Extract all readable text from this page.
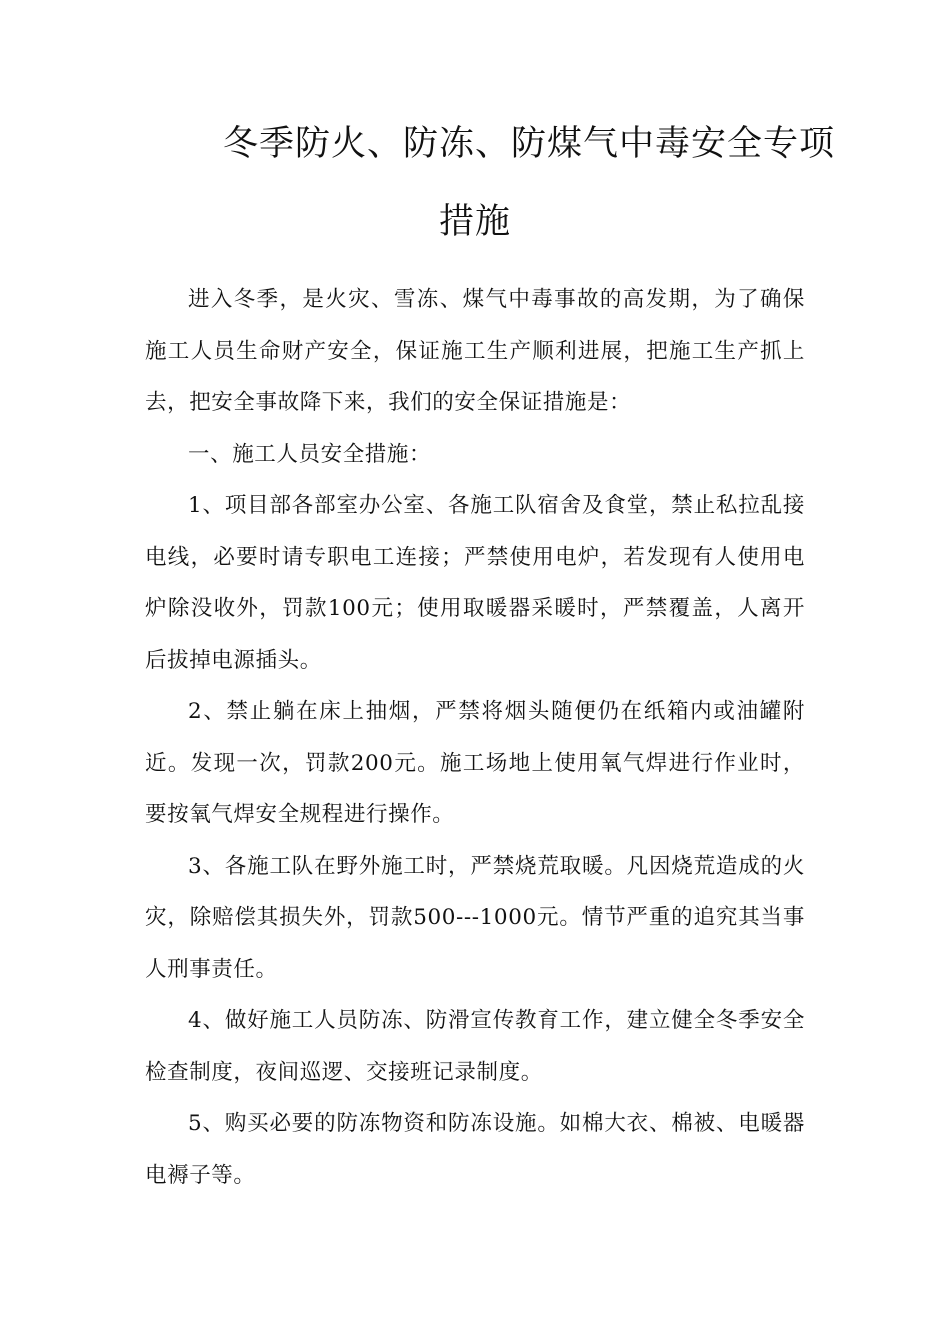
冬季防火、防冻、防煤气中毒安全专项
措施

进入冬季，是火灾、雪冻、煤气中毒事故的高发期，为了确保施工人员生命财产安全，保证施工生产顺利进展，把施工生产抓上去，把安全事故降下来，我们的安全保证措施是：

一、施工人员安全措施：

1、项目部各部室办公室、各施工队宿舍及食堂，禁止私拉乱接电线，必要时请专职电工连接；严禁使用电炉，若发现有人使用电炉除没收外，罚款100元；使用取暖器采暖时，严禁覆盖，人离开后拔掉电源插头。

2、禁止躺在床上抽烟，严禁将烟头随便仍在纸箱内或油罐附近。发现一次，罚款200元。施工场地上使用氧气焊进行作业时，要按氧气焊安全规程进行操作。

3、各施工队在野外施工时，严禁烧荒取暖。凡因烧荒造成的火灾，除赔偿其损失外，罚款500---1000元。情节严重的追究其当事人刑事责任。

4、做好施工人员防冻、防滑宣传教育工作，建立健全冬季安全检查制度，夜间巡逻、交接班记录制度。

5、购买必要的防冻物资和防冻设施。如棉大衣、棉被、电暖器电褥子等。
